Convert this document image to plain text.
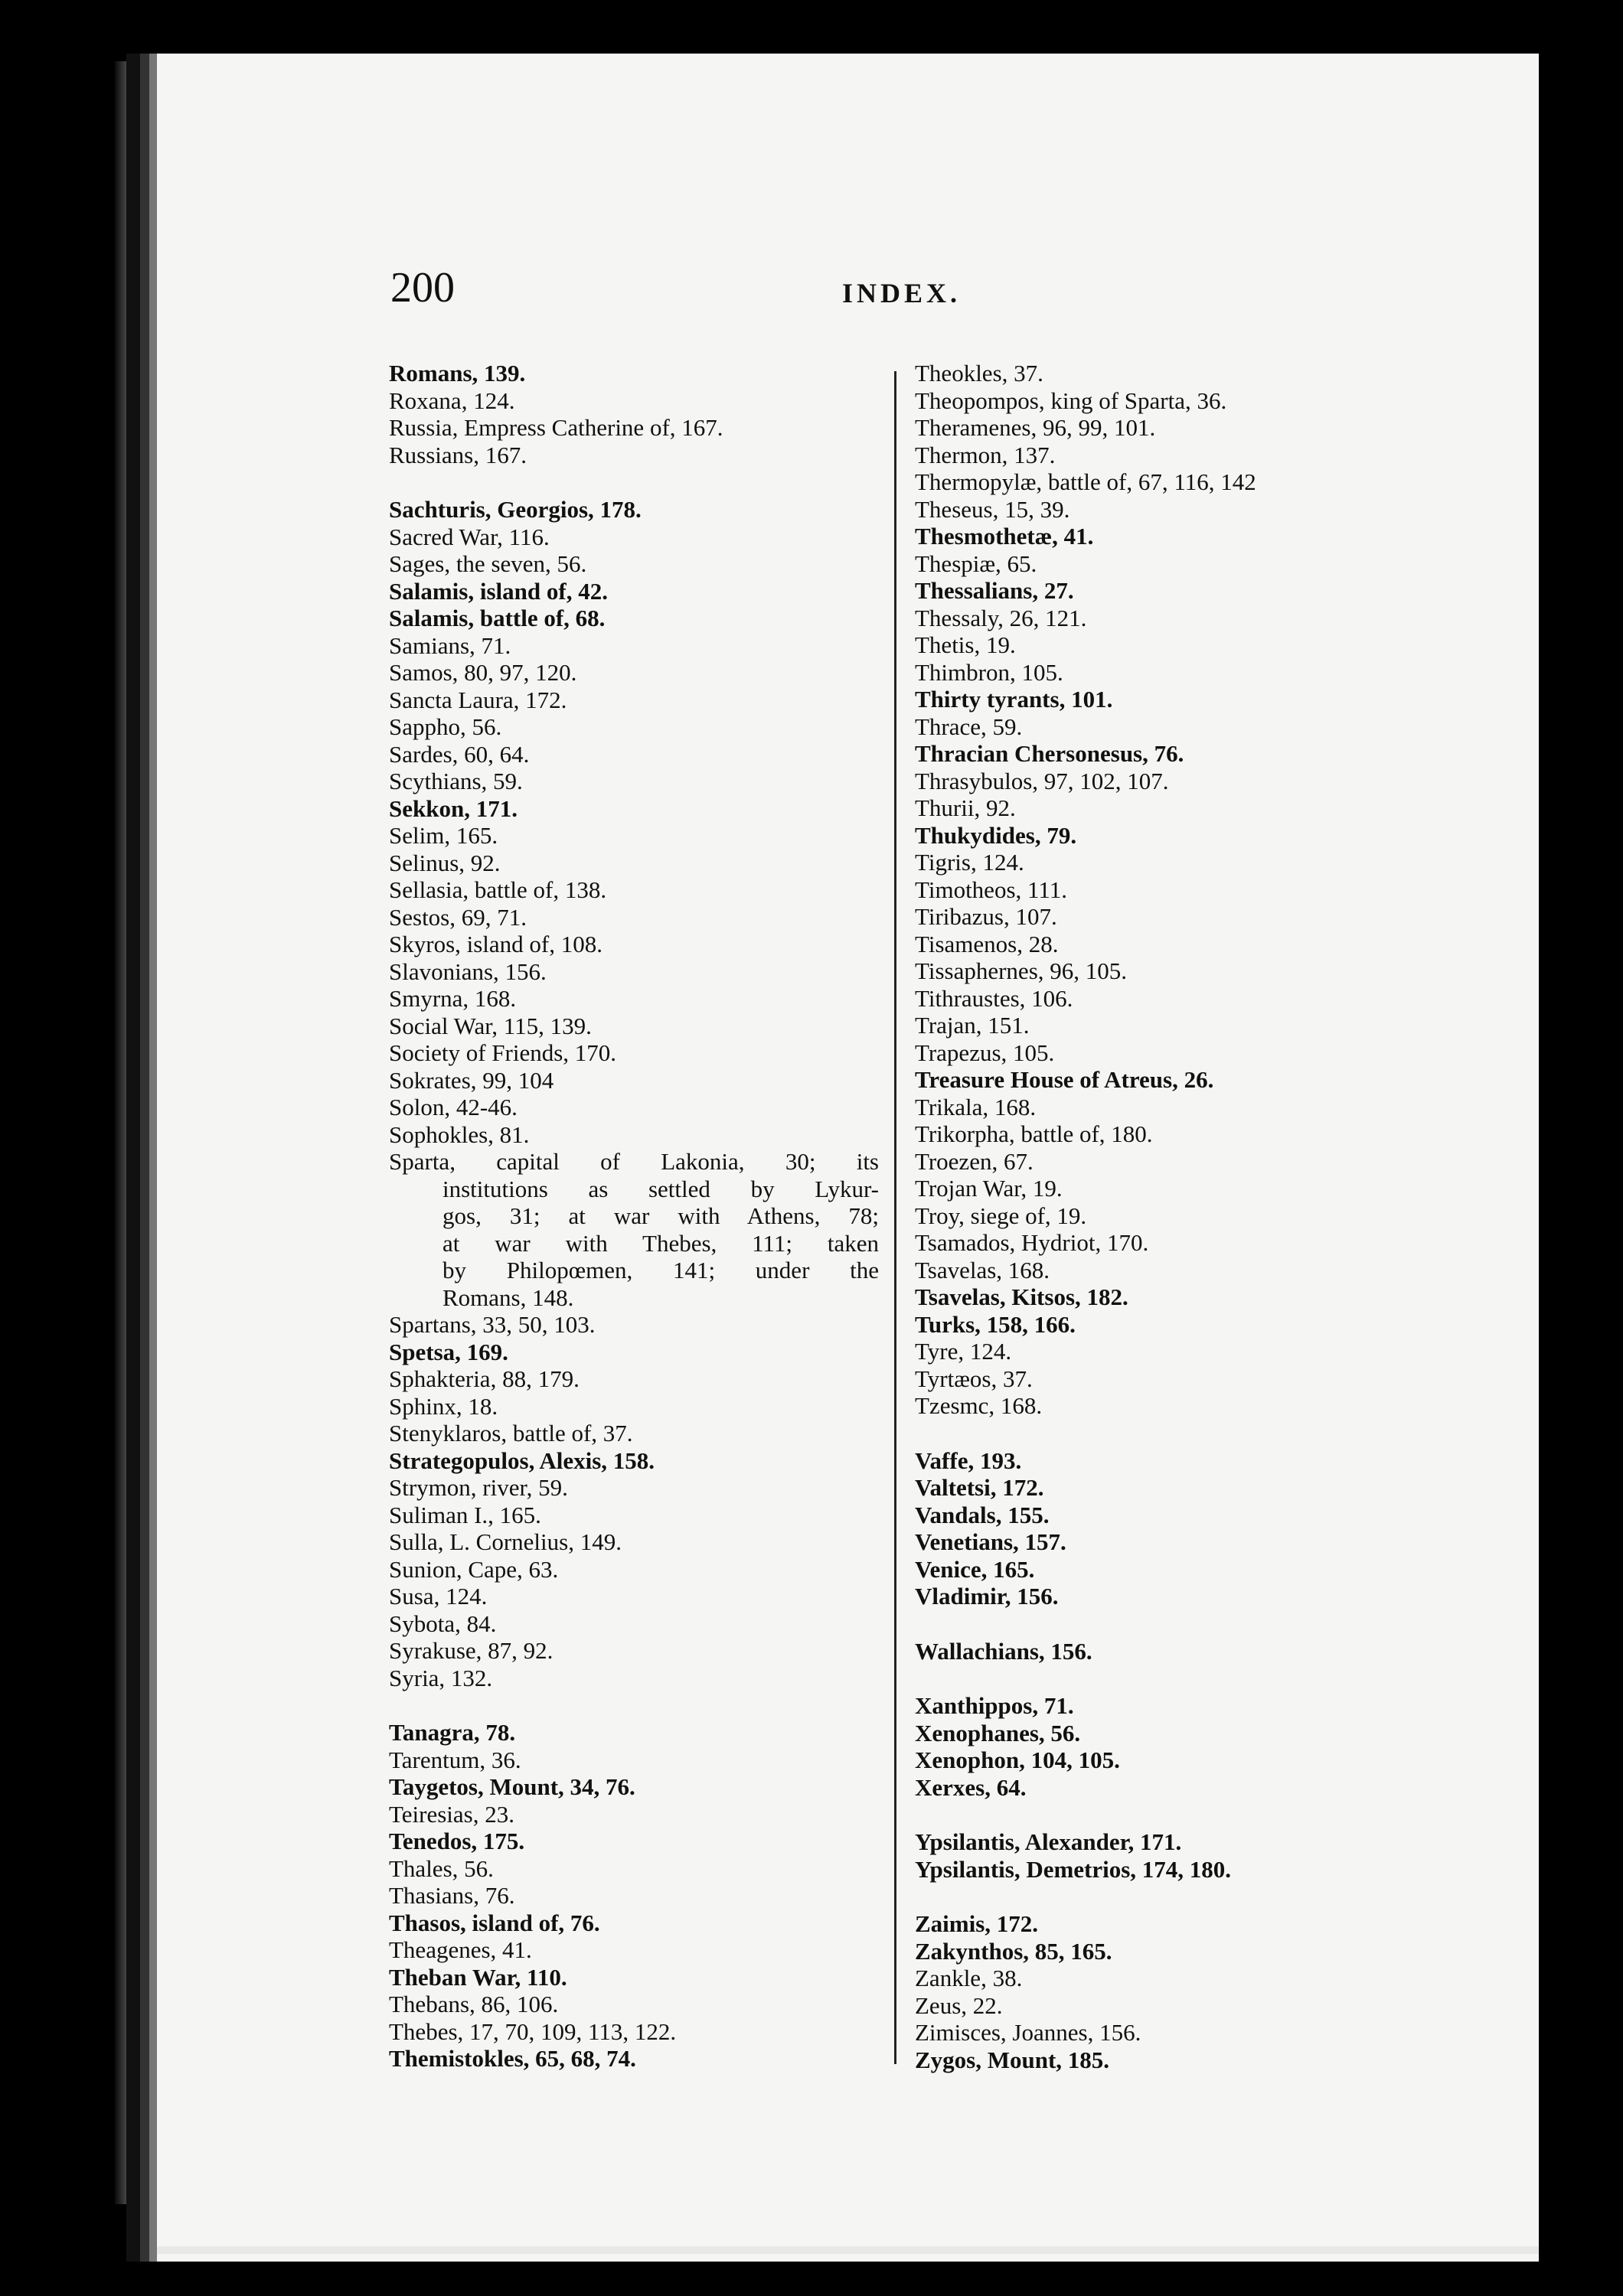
200	INDEX.
Romans, 139.
Roxana, 124.
Russia, Empress Catherine of, 167.
Russians, 167.
Sachturis, Georgios, 178.
Sacred War, 116.
Sages, the seven, 56.
Salamis, island of, 42.
Salamis, battle of, 68.
Samians, 71.
Samos, 80, 97, 120.
Sancta Laura, 172.
Sappho, 56.
Sardes, 60, 64.
Scythians, 59.
Sekkon, 171.
Selim, 165.
Selinus, 92.
Sellasia, battle of, 138.
Sestos, 69, 71.
Skyros, island of, 108.
Slavonians, 156.
Smyrna, 168.
Social War, 115, 139.
Society of Friends, 170.
Sokrates, 99, 104
Solon, 42-46.
Sophokles, 81.
Sparta, capital of Lakonia, 30; its
institutions as settled by Lykur-
gos, 31; at war with Athens, 78;
at war with Thebes, 111; taken
by Philopœmen, 141; under the
Romans, 148.
Spartans, 33, 50, 103.
Spetsa, 169.
Sphakteria, 88, 179.
Sphinx, 18.
Stenyklaros, battle of, 37.
Strategopulos, Alexis, 158.
Strymon, river, 59.
Suliman I., 165.
Sulla, L. Cornelius, 149.
Sunion, Cape, 63.
Susa, 124.
Sybota, 84.
Syrakuse, 87, 92.
Syria, 132.
Tanagra, 78.
Tarentum, 36.
Taygetos, Mount, 34, 76.
Teiresias, 23.
Tenedos, 175.
Thales, 56.
Thasians, 76.
Thasos, island of, 76.
Theagenes, 41.
Theban War, 110.
Thebans, 86, 106.
Thebes, 17, 70, 109, 113, 122.
Themistokles, 65, 68, 74.
Theokles, 37.
Theopompos, king of Sparta, 36.
Theramenes, 96, 99, 101.
Thermon, 137.
Thermopylæ, battle of, 67, 116, 142
Theseus, 15, 39.
Thesmothetæ, 41.
Thespiæ, 65.
Thessalians, 27.
Thessaly, 26, 121.
Thetis, 19.
Thimbron, 105.
Thirty tyrants, 101.
Thrace, 59.
Thracian Chersonesus, 76.
Thrasybulos, 97, 102, 107.
Thurii, 92.
Thukydides, 79.
Tigris, 124.
Timotheos, 111.
Tiribazus, 107.
Tisamenos, 28.
Tissaphernes, 96, 105.
Tithraustes, 106.
Trajan, 151.
Trapezus, 105.
Treasure House of Atreus, 26.
Trikala, 168.
Trikorpha, battle of, 180.
Troezen, 67.
Trojan War, 19.
Troy, siege of, 19.
Tsamados, Hydriot, 170.
Tsavelas, 168.
Tsavelas, Kitsos, 182.
Turks, 158, 166.
Tyre, 124.
Tyrtæos, 37.
Tzesmc, 168.
Vaffe, 193.
Valtetsi, 172.
Vandals, 155.
Venetians, 157.
Venice, 165.
Vladimir, 156.
Wallachians, 156.
Xanthippos, 71.
Xenophanes, 56.
Xenophon, 104, 105.
Xerxes, 64.
Ypsilantis, Alexander, 171.
Ypsilantis, Demetrios, 174, 180.
Zaimis, 172.
Zakynthos, 85, 165.
Zankle, 38.
Zeus, 22.
Zimisces, Joannes, 156.
Zygos, Mount, 185.
